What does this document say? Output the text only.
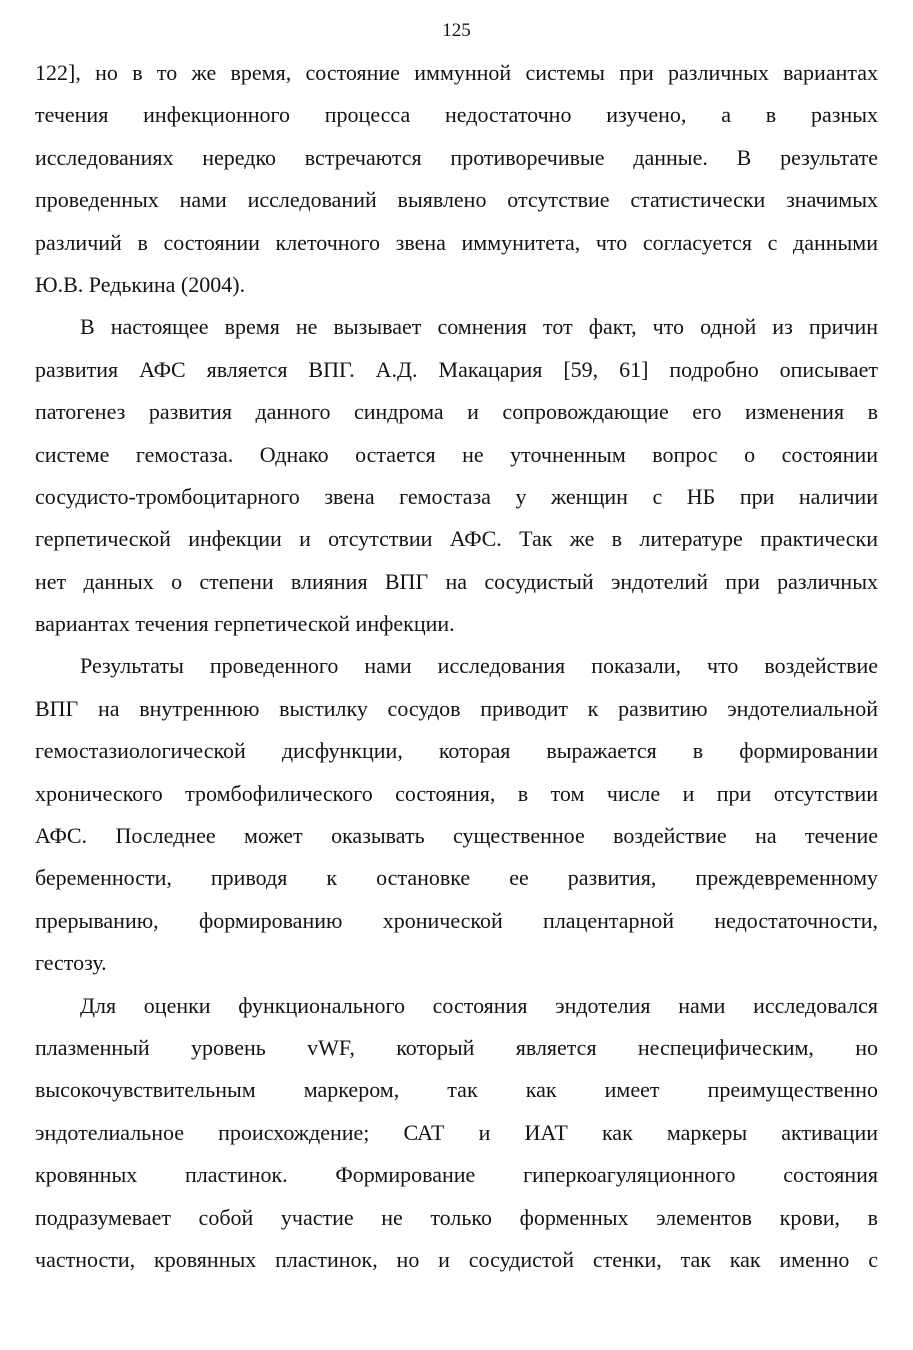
125
122], но в то же время, состояние иммунной системы при различных вариантах
течения инфекционного процесса недостаточно изучено, а в разных
исследованиях нередко встречаются противоречивые данные. В результате
проведенных нами исследований выявлено отсутствие статистически значимых
различий в состоянии клеточного звена иммунитета, что согласуется с данными
Ю.В. Редькина (2004).
В настоящее время не вызывает сомнения тот факт, что одной из причин
развития АФС является ВПГ. А.Д. Макацария [59, 61] подробно описывает
патогенез развития данного синдрома и сопровождающие его изменения в
системе гемостаза. Однако остается не уточненным вопрос о состоянии
сосудисто-тромбоцитарного звена гемостаза у женщин с НБ при наличии
герпетической инфекции и отсутствии АФС. Так же в литературе практически
нет данных о степени влияния ВПГ на сосудистый эндотелий при различных
вариантах течения герпетической инфекции.
Результаты проведенного нами исследования показали, что воздействие
ВПГ на внутреннюю выстилку сосудов приводит к развитию эндотелиальной
гемостазиологической дисфункции, которая выражается в формировании
хронического тромбофилического состояния, в том числе и при отсутствии
АФС. Последнее может оказывать существенное воздействие на течение
беременности, приводя к остановке ее развития, преждевременному
прерыванию, формированию хронической плацентарной недостаточности,
гестозу.
Для оценки функционального состояния эндотелия нами исследовался
плазменный уровень vWF, который является неспецифическим, но
высокочувствительным маркером, так как имеет преимущественно
эндотелиальное происхождение; САТ и ИАТ как маркеры активации
кровянных пластинок. Формирование гиперкоагуляционного состояния
подразумевает собой участие не только форменных элементов крови, в
частности, кровянных пластинок, но и сосудистой стенки, так как именно с
